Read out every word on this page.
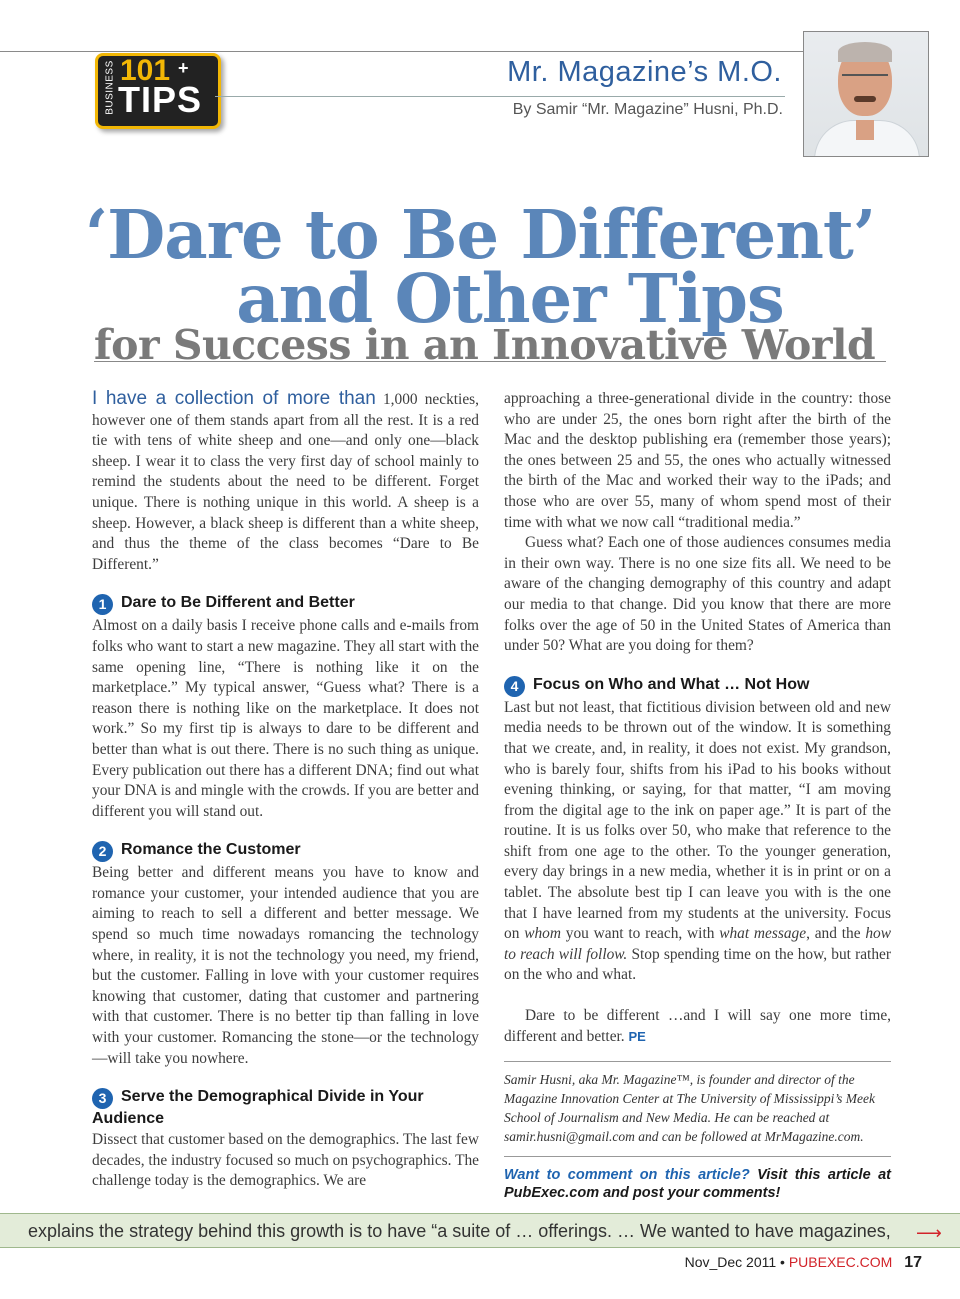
BUSINESS 101 +
TIPS
Mr. Magazine’s M.O.
By Samir “Mr. Magazine” Husni, Ph.D.
‘Dare to Be Different’
and Other Tips
for Success in an Innovative World

I have a collection of more than 1,000 neckties, however one of them stands apart from all the rest. It is a red tie with tens of white sheep and one—and only one—black sheep. I wear it to class the very first day of school mainly to remind the students about the need to be different. Forget unique. There is nothing unique in this world. A sheep is a sheep. However, a black sheep is different than a white sheep, and thus the theme of the class becomes “Dare to Be Different.”

1 Dare to Be Different and Better

Almost on a daily basis I receive phone calls and e-mails from folks who want to start a new magazine. They all start with the same opening line, “There is nothing like it on the marketplace.” My typical answer, “Guess what? There is a reason there is nothing like on the marketplace. It does not work.” So my first tip is always to dare to be different and better than what is out there. There is no such thing as unique. Every publication out there has a different DNA; find out what your DNA is and mingle with the crowds. If you are better and different you will stand out.

2 Romance the Customer

Being better and different means you have to know and romance your customer, your intended audience that you are aiming to reach to sell a different and better message. We spend so much time nowadays romancing the technology where, in reality, it is not the technology you need, my friend, but the customer. Falling in love with your customer requires knowing that customer, dating that customer and partnering with that customer. There is no better tip than falling in love with your customer. Romancing the stone—or the technology—will take you nowhere.

3 Serve the Demographical Divide in Your Audience

Dissect that customer based on the demographics. The last few decades, the industry focused so much on psychographics. The challenge today is the demographics. We are

approaching a three-generational divide in the country: those who are under 25, the ones born right after the birth of the Mac and the desktop publishing era (remember those years); the ones between 25 and 55, the ones who actually witnessed the birth of the Mac and worked their way to the iPads; and those who are over 55, many of whom spend most of their time with what we now call “traditional media.”

Guess what? Each one of those audiences consumes media in their own way. There is no one size fits all. We need to be aware of the changing demography of this country and adapt our media to that change. Did you know that there are more folks over the age of 50 in the United States of America than under 50? What are you doing for them?

4 Focus on Who and What … Not How

Last but not least, that fictitious division between old and new media needs to be thrown out of the window. It is something that we create, and, in reality, it does not exist. My grandson, who is barely four, shifts from his iPad to his books without evening thinking, or saying, for that matter, “I am moving from the digital age to the ink on paper age.” It is part of the routine. It is us folks over 50, who make that reference to the shift from one age to the other. To the younger generation, every day brings in a new media, whether it is in print or on a tablet. The absolute best tip I can leave you with is the one that I have learned from my students at the university. Focus on whom you want to reach, with what message, and the how to reach will follow. Stop spending time on the how, but rather on the who and what.

Dare to be different …and I will say one more time, different and better. PE

Samir Husni, aka Mr. Magazine™, is founder and director of the Magazine Innovation Center at The University of Mississippi’s Meek School of Journalism and New Media. He can be reached at samir.husni@gmail.com and can be followed at MrMagazine.com.

Want to comment on this article? Visit this article at PubExec.com and post your comments!

explains the strategy behind this growth is to have “a suite of … offerings. … We wanted to have magazines, ⟶
Nov_Dec 2011 • PUBEXEC.COM 17
